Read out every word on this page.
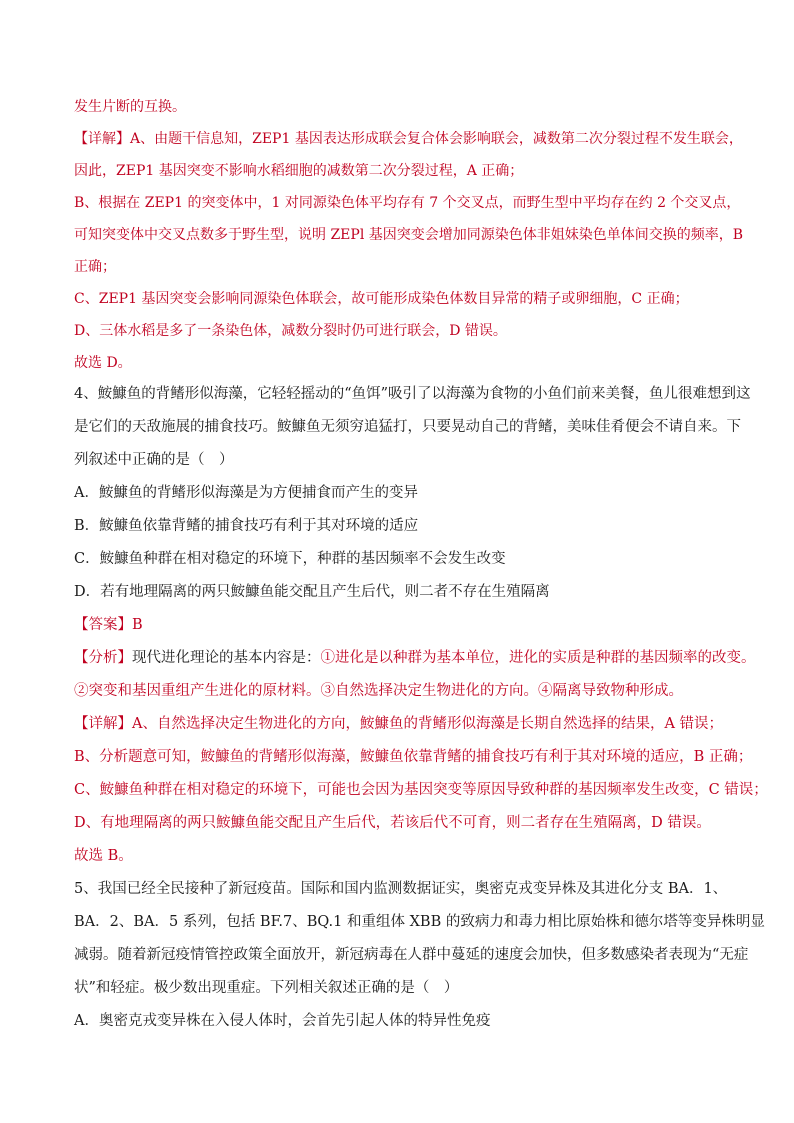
发生片断的互换。
【详解】A、由题干信息知，ZEP1 基因表达形成联会复合体会影响联会，减数第二次分裂过程不发生联会，
因此，ZEP1 基因突变不影响水稻细胞的减数第二次分裂过程，A 正确；
B、根据在 ZEP1 的突变体中，1 对同源染色体平均存有 7 个交叉点，而野生型中平均存在约 2 个交叉点，
可知突变体中交叉点数多于野生型，说明 ZEPl 基因突变会增加同源染色体非姐妹染色单体间交换的频率，B
正确；
C、ZEP1 基因突变会影响同源染色体联会，故可能形成染色体数目异常的精子或卵细胞，C 正确；
D、三体水稻是多了一条染色体，减数分裂时仍可进行联会，D 错误。
故选 D。
4、鮟鱇鱼的背鳍形似海藻，它轻轻摇动的“鱼饵”吸引了以海藻为食物的小鱼们前来美餐，鱼儿很难想到这
是它们的天敌施展的捕食技巧。鮟鱇鱼无须穷追猛打，只要晃动自己的背鳍，美味佳肴便会不请自来。下
列叙述中正确的是（　）
A．鮟鱇鱼的背鳍形似海藻是为方便捕食而产生的变异
B．鮟鱇鱼依靠背鳍的捕食技巧有利于其对环境的适应
C．鮟鱇鱼种群在相对稳定的环境下，种群的基因频率不会发生改变
D．若有地理隔离的两只鮟鱇鱼能交配且产生后代，则二者不存在生殖隔离
【答案】B
【分析】现代进化理论的基本内容是：①进化是以种群为基本单位，进化的实质是种群的基因频率的改变。
②突变和基因重组产生进化的原材料。③自然选择决定生物进化的方向。④隔离导致物种形成。
【详解】A、自然选择决定生物进化的方向，鮟鱇鱼的背鳍形似海藻是长期自然选择的结果，A 错误；
B、分析题意可知，鮟鱇鱼的背鳍形似海藻，鮟鱇鱼依靠背鳍的捕食技巧有利于其对环境的适应，B 正确；
C、鮟鱇鱼种群在相对稳定的环境下，可能也会因为基因突变等原因导致种群的基因频率发生改变，C 错误；
D、有地理隔离的两只鮟鱇鱼能交配且产生后代，若该后代不可育，则二者存在生殖隔离，D 错误。
故选 B。
5、我国已经全民接种了新冠疫苗。国际和国内监测数据证实，奥密克戎变异株及其进化分支 BA．1、
BA．2、BA．5 系列，包括 BF.7、BQ.1 和重组体 XBB 的致病力和毒力相比原始株和德尔塔等变异株明显
减弱。随着新冠疫情管控政策全面放开，新冠病毒在人群中蔓延的速度会加快，但多数感染者表现为“无症
状”和轻症。极少数出现重症。下列相关叙述正确的是（　）
A．奥密克戎变异株在入侵人体时，会首先引起人体的特异性免疫
